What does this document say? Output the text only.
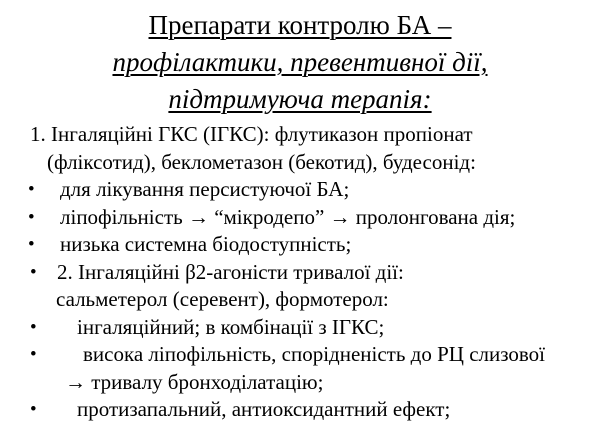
Препарати контролю БА –
профілактики, превентивної дії,
підтримуюча терапія:
1. Інгаляційні ГКС (ІГКС): флутиказон пропіонат
(фліксотид), беклометазон (бекотид), будесонід:
• для лікування персистуючої БА;
• ліпофільність → “мікродепо” → пролонгована дія;
• низька системна біодоступність;
• 2. Інгаляційні β2-агоністи тривалої дії:
сальметерол (серевент), формотерол:
• інгаляційний; в комбінації з ІГКС;
• висока ліпофільність, спорідненість до РЦ слизової
→ тривалу бронходілатацію;
• протизапальний, антиоксидантний ефект;
